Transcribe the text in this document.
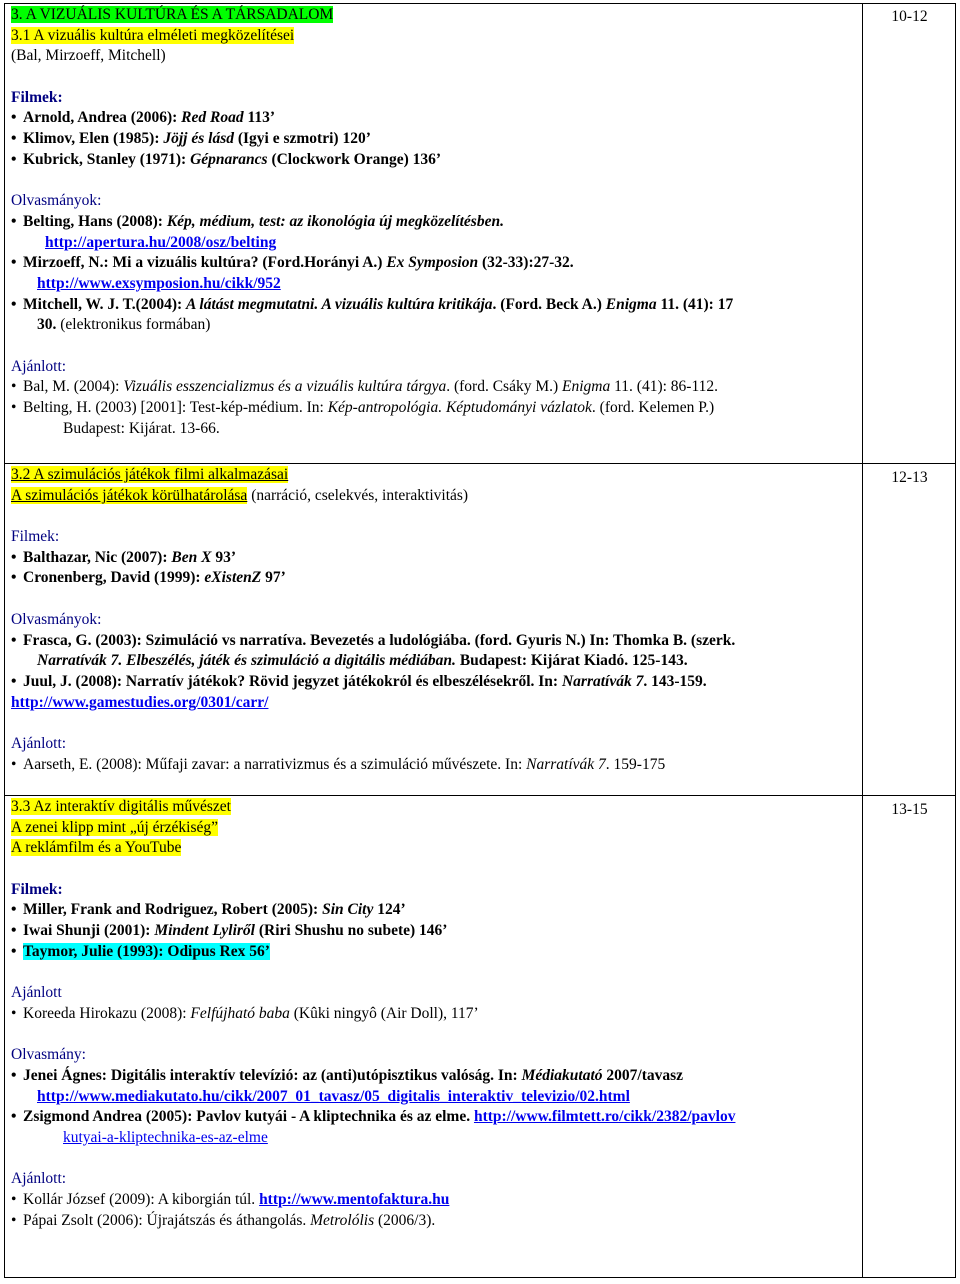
10-12
3. A VIZUÁLIS KULTÚRA ÉS A TÁRSADALOM
3.1 A vizuális kultúra elméleti megközelítései
(Bal, Mirzoeff, Mitchell)
Filmek:
• Arnold, Andrea (2006): Red Road 113’
• Klimov, Elen (1985): Jöjj és lásd (Igyi e szmotri) 120’
• Kubrick, Stanley (1971): Gépnarancs (Clockwork Orange) 136’
Olvasmányok:
• Belting, Hans (2008): Kép, médium, test: az ikonológia új megközelítésben.
http://apertura.hu/2008/osz/belting
• Mirzoeff, N.: Mi a vizuális kultúra? (Ford.Horányi A.) Ex Symposion (32-33):27-32.
http://www.exsymposion.hu/cikk/952
• Mitchell, W. J. T.(2004): A látást megmutatni. A vizuális kultúra kritikája. (Ford. Beck A.) Enigma 11. (41): 17
30. (elektronikus formában)
Ajánlott:
• Bal, M. (2004): Vizuális esszencializmus és a vizuális kultúra tárgya. (ford. Csáky M.) Enigma 11. (41): 86-112.
• Belting, H. (2003) [2001]: Test-kép-médium. In: Kép-antropológia. Képtudományi vázlatok. (ford. Kelemen P.)
Budapest: Kijárat. 13-66.
12-13
3.2 A szimulációs játékok filmi alkalmazásai
A szimulációs játékok körülhatárolása (narráció, cselekvés, interaktivitás)
Filmek:
• Balthazar, Nic (2007): Ben X 93’
• Cronenberg, David (1999): eXistenZ 97’
Olvasmányok:
• Frasca, G. (2003): Szimuláció vs narratíva. Bevezetés a ludológiába. (ford. Gyuris N.) In: Thomka B. (szerk.
Narratívák 7. Elbeszélés, játék és szimuláció a digitális médiában. Budapest: Kijárat Kiadó. 125-143.
• Juul, J. (2008): Narratív játékok? Rövid jegyzet játékokról és elbeszélésekről. In: Narratívák 7. 143-159.
http://www.gamestudies.org/0301/carr/
Ajánlott:
• Aarseth, E. (2008): Műfaji zavar: a narrativizmus és a szimuláció művészete. In: Narratívák 7. 159-175
13-15
3.3 Az interaktív digitális művészet
A zenei klipp mint „új érzékiség”
A reklámfilm és a YouTube
Filmek:
• Miller, Frank and Rodriguez, Robert (2005): Sin City 124’
• Iwai Shunji (2001): Mindent Lyliről (Riri Shushu no subete) 146’
• Taymor, Julie (1993): Odipus Rex 56’
Ajánlott
• Koreeda Hirokazu (2008): Felfújható baba (Kûki ningyô (Air Doll), 117’
Olvasmány:
• Jenei Ágnes: Digitális interaktív televízió: az (anti)utópisztikus valóság. In: Médiakutató 2007/tavasz
http://www.mediakutato.hu/cikk/2007_01_tavasz/05_digitalis_interaktiv_televizio/02.html
• Zsigmond Andrea (2005): Pavlov kutyái - A kliptechnika és az elme. http://www.filmtett.ro/cikk/2382/pavlov
kutyai-a-kliptechnika-es-az-elme
Ajánlott:
• Kollár József (2009): A kiborgián túl. http://www.mentofaktura.hu
• Pápai Zsolt (2006): Újrajátszás és áthangolás. Metrolólis (2006/3).
